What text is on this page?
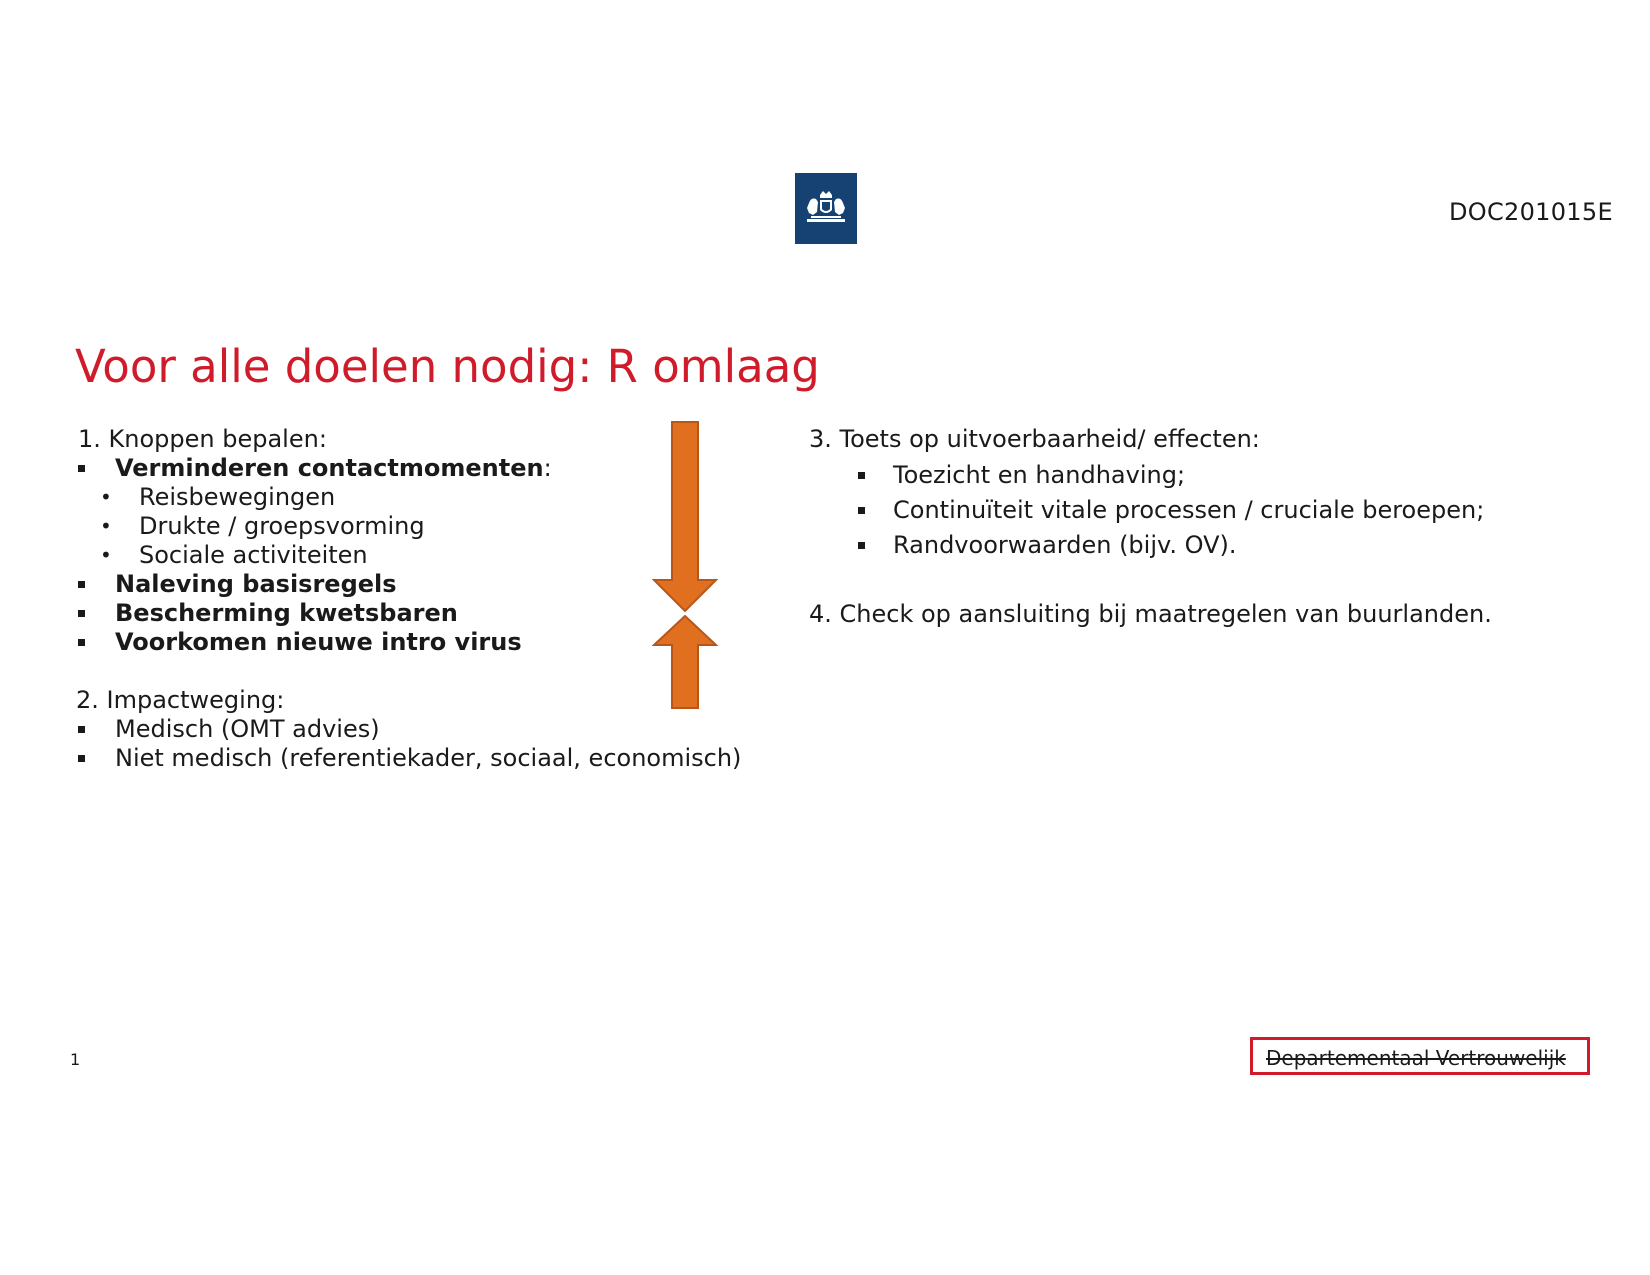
DOC201015E
Voor alle doelen nodig: R omlaag
1. Knoppen bepalen:
Verminderen contactmomenten:
• Reisbewegingen
• Drukte / groepsvorming
• Sociale activiteiten
Naleving basisregels
Bescherming kwetsbaren
Voorkomen nieuwe intro virus
2. Impactweging:
Medisch (OMT advies)
Niet medisch (referentiekader, sociaal, economisch)
3. Toets op uitvoerbaarheid/ effecten:
Toezicht en handhaving;
Continuïteit vitale processen / cruciale beroepen;
Randvoorwaarden (bijv. OV).
4. Check op aansluiting bij maatregelen van buurlanden.
1	Departementaal Vertrouwelijk
